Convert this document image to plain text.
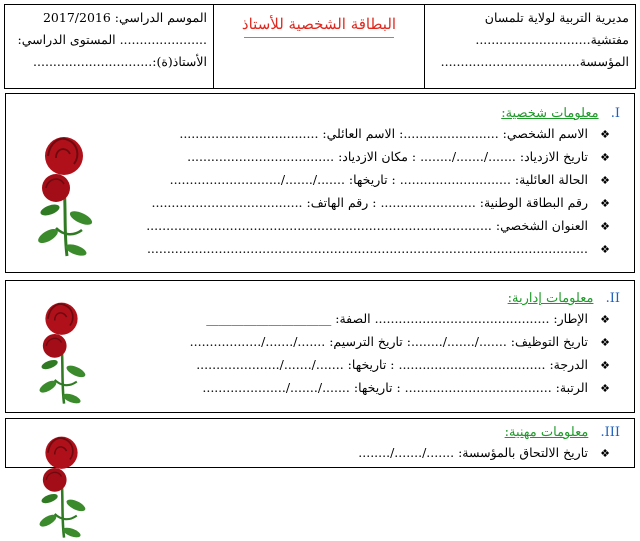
الموسم الدراسي: 2017/2016
...................... المستوى الدراسي:
الأستاذ(ة):..............................
البطاقة الشخصية للأستاذ	مديرية التربية لولاية تلمسان
مفتشية.............................
المؤسسة...................................
I. معلومات شخصية:
❖الاسم الشخصي: ........................: الاسم العائلي: ...................................
❖تاريخ الازدياد: ......./......./........ : مكان الازدياد: .....................................
❖الحالة العائلية: ............................ : تاريخها: ......./......./............................
❖رقم البطاقة الوطنية: ........................ : رقم الهاتف: ......................................
❖العنوان الشخصي: .......................................................................................
❖...............................................................................................................
II. معلومات إدارية:
❖الإطار: ............................................ الصفة: ____________________
❖تاريخ التوظيف: ......./......./........: تاريخ الترسيم: ......./......./..................
❖الدرجة: ..................................... : تاريخها: ......./......./.....................
❖الرتبة: ..................................... : تاريخها: ......./......./.....................
III. معلومات مهنية:
❖تاريخ الالتحاق بالمؤسسة: ......./......./........
